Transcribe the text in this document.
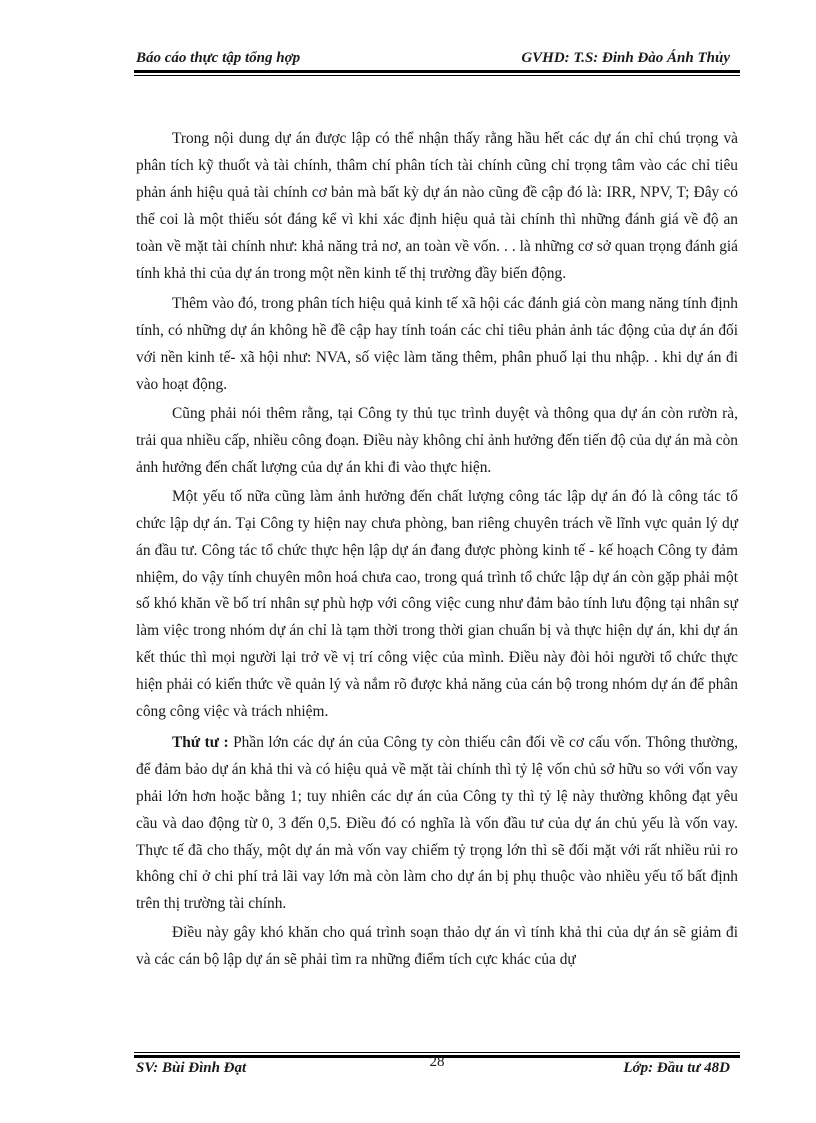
Báo cáo thực tập tổng hợp	GVHD: T.S: Đinh Đào Ánh Thủy

Trong nội dung dự án được lập có thể nhận thấy rằng hầu hết các dự án chỉ chú trọng và phân tích kỹ thuốt và tài chính, thâm chí phân tích tài chính cũng chỉ trọng tâm vào các chỉ tiêu phản ánh hiệu quả tài chính cơ bản mà bất kỳ dự án nào cũng đề cập đó là: IRR, NPV, T; Đây có thể coi là một thiếu sót đáng kể vì khi xác định hiệu quả tài chính thì những đánh giá về độ an toàn về mặt tài chính như: khả năng trả nơ, an toàn về vốn. . . là những cơ sở quan trọng đánh giá tính khả thi của dự án trong một nền kinh tế thị trường đầy biến động.

Thêm vào đó, trong phân tích hiệu quả kinh tế xã hội các đánh giá còn mang năng tính định tính, có những dự án không hề đề cập hay tính toán các chỉ tiêu phản ảnh tác động của dự án đối với nền kinh tế- xã hội như: NVA, số việc làm tăng thêm, phân phuố lại thu nhập. . khi dự án đi vào hoạt động.

Cũng phải nói thêm rằng, tại Công ty thủ tục trình duyệt và thông qua dự án còn rườn rà, trải qua nhiều cấp, nhiều công đoạn. Điều này không chỉ ảnh hưởng đến tiến độ của dự án mà còn ảnh hưởng đến chất lượng của dự án khi đi vào thực hiện.

Một yếu tố nữa cũng làm ảnh hưởng đến chất lượng công tác lập dự án đó là công tác tổ chức lập dự án. Tại Công ty hiện nay chưa phòng, ban riêng chuyên trách về lĩnh vực quản lý dự án đầu tư. Công tác tổ chức thực hện lập dự án đang được phòng kinh tế - kế hoạch Công ty đảm nhiệm, do vậy tính chuyên môn hoá chưa cao, trong quá trình tổ chức lập dự án còn gặp phải một số khó khăn về bố trí nhân sự phù hợp với công việc cung như đảm bảo tính lưu động tại nhân sự làm việc trong nhóm dự án chỉ là tạm thời trong thời gian chuẩn bị và thực hiện dự án, khi dự án kết thúc thì mọi người lại trở về vị trí công việc của mình. Điều này đòi hỏi người tổ chức thực hiện phải có kiến thức về quản lý và nắm rõ được khả năng của cán bộ trong nhóm dự án để phân công công việc và trách nhiệm.

Thứ tư : Phần lớn các dự án của Công ty còn thiếu cân đối về cơ cấu vốn. Thông thường, để đảm bảo dự án khả thi và có hiệu quả về mặt tài chính thì tỷ lệ vốn chủ sở hữu so với vốn vay phải lớn hơn hoặc bằng 1; tuy nhiên các dự án của Công ty thì tỷ lệ này thường không đạt yêu cầu và dao động từ 0, 3 đến 0,5. Điều đó có nghĩa là vốn đầu tư của dự án chủ yếu là vốn vay. Thực tế đã cho thấy, một dự án mà vốn vay chiếm tỷ trọng lớn thì sẽ đối mặt với rất nhiều rủi ro không chỉ ở chi phí trả lãi vay lớn mà còn làm cho dự án bị phụ thuộc vào nhiều yếu tố bất định trên thị trường tài chính.

Điều này gây khó khăn cho quá trình soạn thảo dự án vì tính khả thi của dự án sẽ giảm đi và các cán bộ lập dự án sẽ phải tìm ra những điểm tích cực khác của dự

SV: Bùi Đình Đạt	28	Lớp: Đầu tư 48D
